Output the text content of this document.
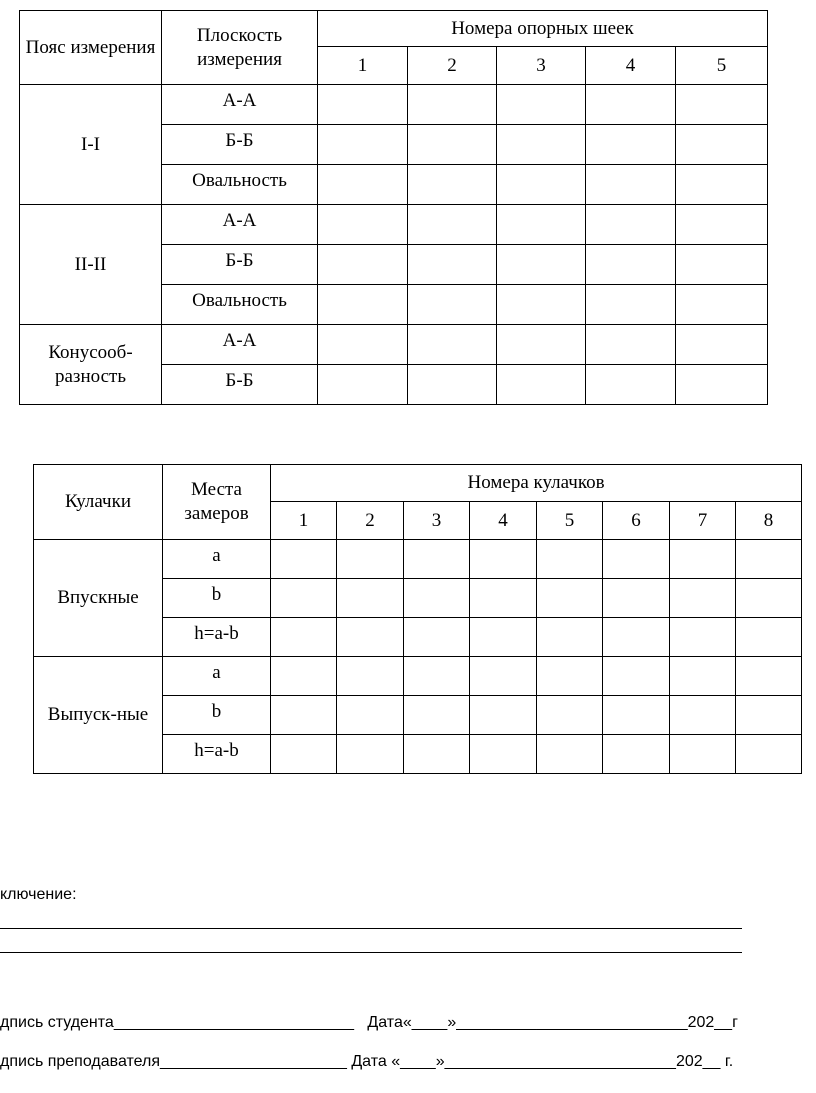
Пояс измерения	Плоскость измерения	Номера опорных шеек				
		1	2	3	4	5
I-I	А-А					
	Б-Б					
	Овальность					
II-II	А-А					
	Б-Б					
	Овальность					
Конусооб-разность	А-А					
	Б-Б					
Кулачки	Места замеров	Номера кулачков							
		1	2	3	4	5	6	7	8
Впускные	a								
	b								
	h=a-b								
Выпуск-ные	a								
	b								
	h=a-b								
ключение:
дпись студента___________________________   Дата«____»__________________________202__г
дпись преподавателя_____________________ Дата «____»__________________________202__ г.
